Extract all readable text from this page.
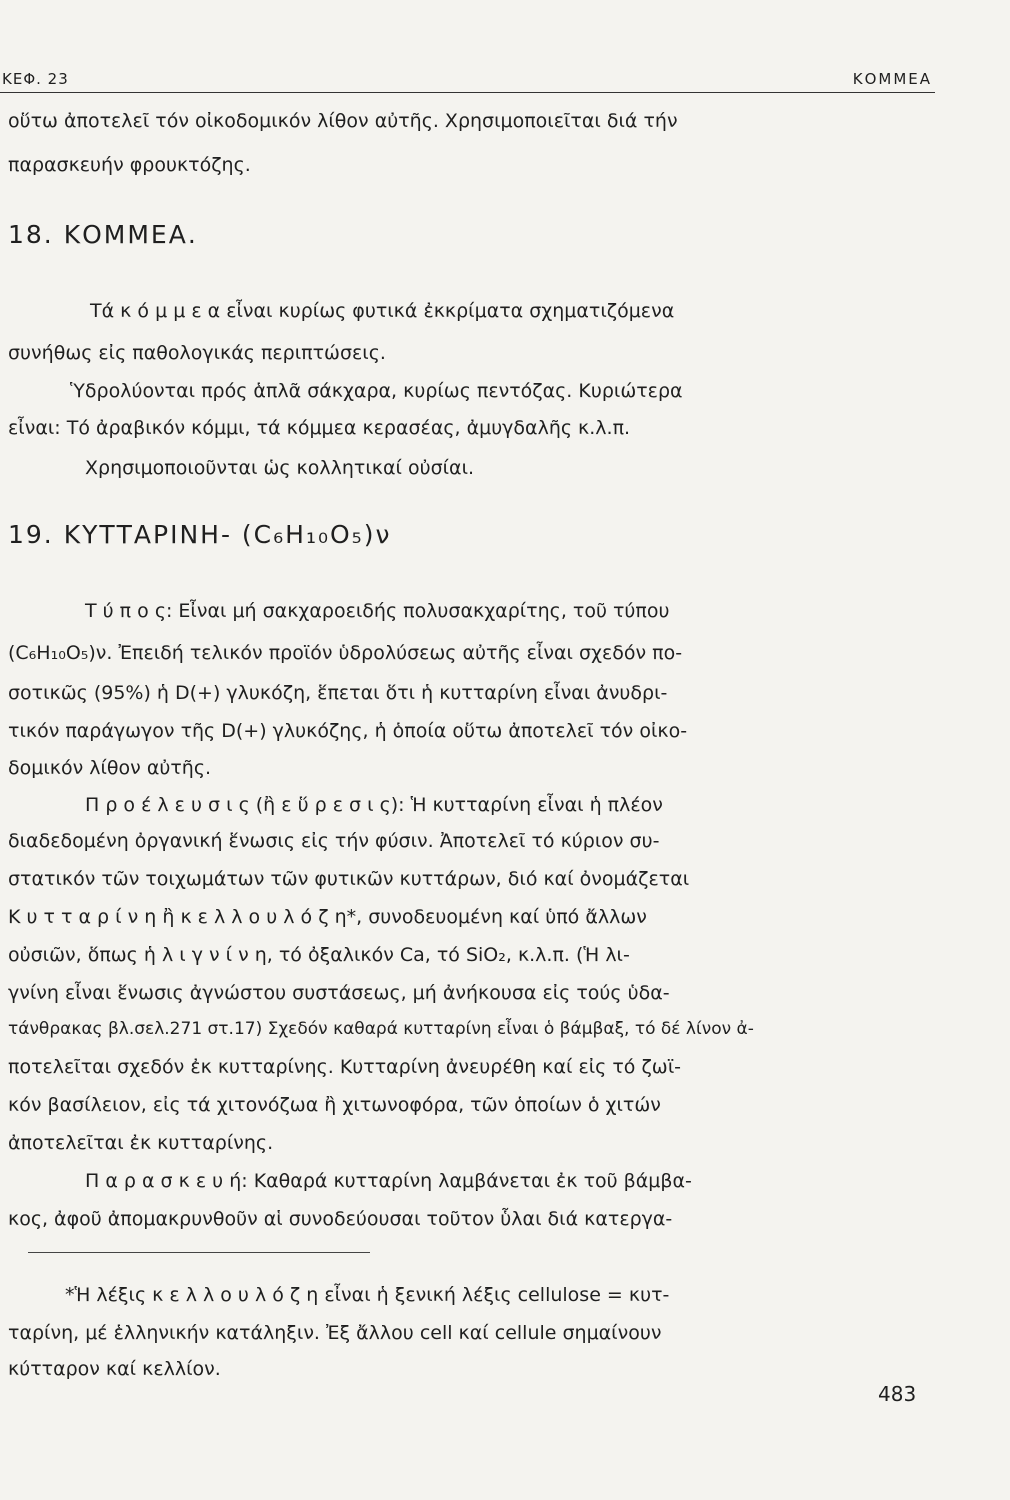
ΚΕΦ. 23	ΚΟΜΜΕΑ
οὕτω ἀποτελεῖ τόν οἰκοδομικόν λίθον αὐτῆς. Χρησιμοποιεῖται διά τήν
παρασκευήν φρουκτόζης.
18. ΚΟΜΜΕΑ.
Τά κ ό μ μ ε α εἶναι κυρίως φυτικά ἐκκρίματα σχηματιζόμενα
συνήθως εἰς παθολογικάς περιπτώσεις.
Ὑδρολύονται πρός ἁπλᾶ σάκχαρα, κυρίως πεντόζας. Κυριώτερα
εἶναι: Τό ἀραβικόν κόμμι, τά κόμμεα κερασέας, ἀμυγδαλῆς κ.λ.π.
Χρησιμοποιοῦνται ὡς κολλητικαί οὐσίαι.
19. ΚΥΤΤΑΡΙΝΗ- (C₆H₁₀O₅)ν
Τ ύ π ο ς: Εἶναι μή σακχαροειδής πολυσακχαρίτης, τοῦ τύπου
(C₆H₁₀O₅)ν. Ἐπειδή τελικόν προϊόν ὑδρολύσεως αὐτῆς εἶναι σχεδόν πο-
σοτικῶς (95%) ἡ D(+) γλυκόζη, ἕπεται ὅτι ἡ κυτταρίνη εἶναι ἀνυδρι-
τικόν παράγωγον τῆς D(+) γλυκόζης, ἡ ὁποία οὕτω ἀποτελεῖ τόν οἰκο-
δομικόν λίθον αὐτῆς.
Π ρ ο έ λ ε υ σ ι ς (ἢ ε ὕ ρ ε σ ι ς): Ἡ κυτταρίνη εἶναι ἡ πλέον
διαδεδομένη ὀργανική ἕνωσις εἰς τήν φύσιν. Ἀποτελεῖ τό κύριον συ-
στατικόν τῶν τοιχωμάτων τῶν φυτικῶν κυττάρων, διό καί ὀνομάζεται
Κ υ τ τ α ρ ί ν η ἢ κ ε λ λ ο υ λ ό ζ η*, συνοδευομένη καί ὑπό ἄλλων
οὐσιῶν, ὅπως ἡ λ ι γ ν ί ν η, τό ὀξαλικόν Ca, τό SiO₂, κ.λ.π. (Ἡ λι-
γνίνη εἶναι ἕνωσις ἀγνώστου συστάσεως, μή ἀνήκουσα εἰς τούς ὑδα-
τάνθρακας βλ.σελ.271 στ.17) Σχεδόν καθαρά κυτταρίνη εἶναι ὁ βάμβαξ, τό δέ λίνον ἀ-
ποτελεῖται σχεδόν ἐκ κυτταρίνης. Κυτταρίνη ἀνευρέθη καί εἰς τό ζωϊ-
κόν βασίλειον, εἰς τά χιτονόζωα ἢ χιτωνοφόρα, τῶν ὁποίων ὁ χιτών
ἀποτελεῖται ἐκ κυτταρίνης.
Π α ρ α σ κ ε υ ή: Καθαρά κυτταρίνη λαμβάνεται ἐκ τοῦ βάμβα-
κος, ἀφοῦ ἀπομακρυνθοῦν αἱ συνοδεύουσαι τοῦτον ὗλαι διά κατεργα-
*Ἡ λέξις κ ε λ λ ο υ λ ό ζ η εἶναι ἡ ξενική λέξις cellulose = κυτ-
ταρίνη, μέ ἑλληνικήν κατάληξιν. Ἐξ ἄλλου cell καί cellule σημαίνουν
κύτταρον καί κελλίον.
483
